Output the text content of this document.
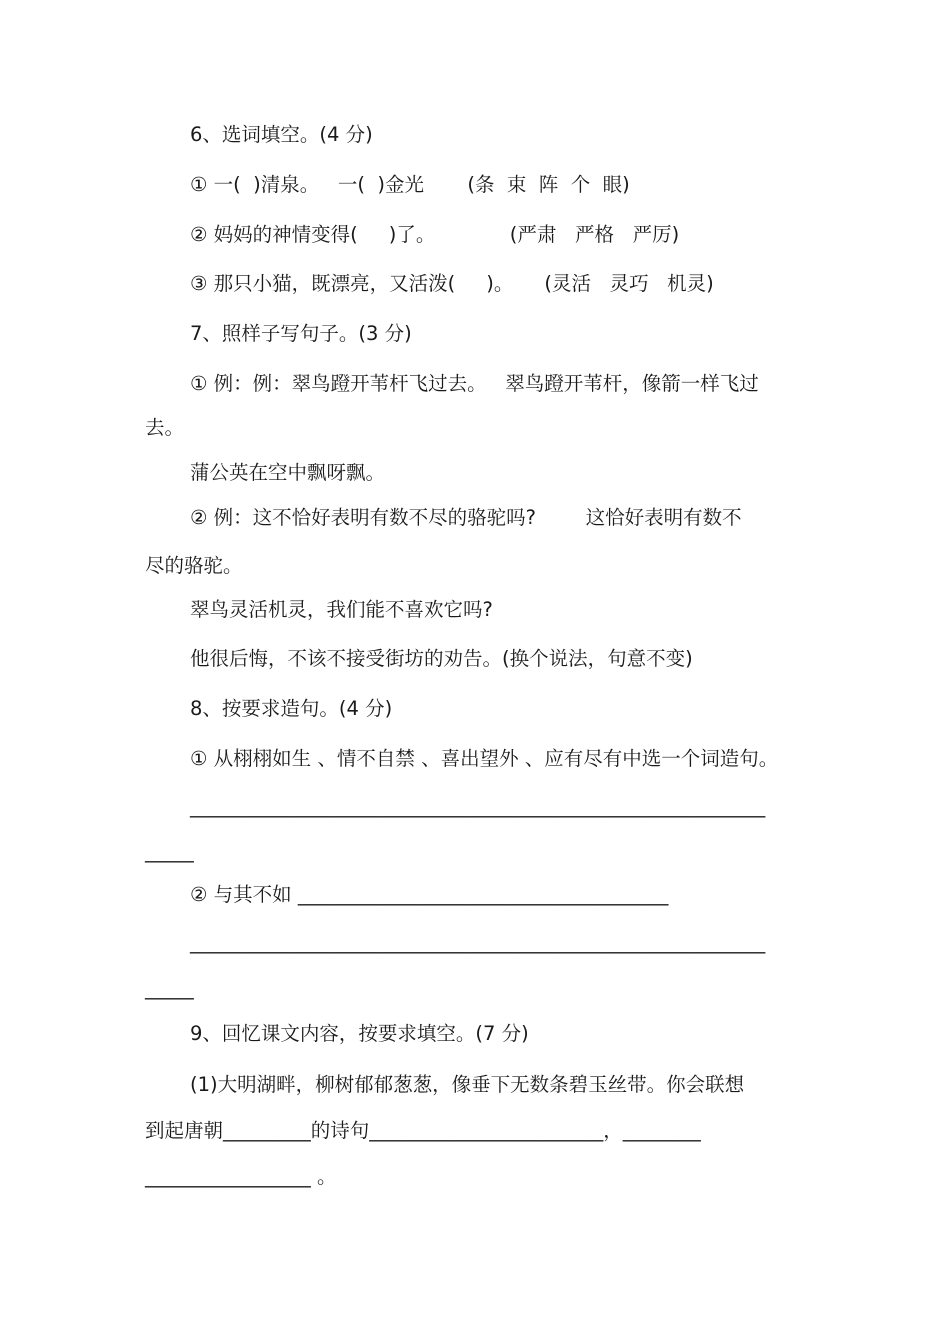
6、选词填空。(4 分)
① 一(  )清泉。   一(  )金光       (条  束  阵  个  眼)
② 妈妈的神情变得(     )了。            (严肃   严格   严厉)
③ 那只小猫，既漂亮，又活泼(     )。     (灵活   灵巧   机灵)
7、照样子写句子。(3 分)
① 例：例：翠鸟蹬开苇杆飞过去。   翠鸟蹬开苇杆，像箭一样飞过
去。
蒲公英在空中飘呀飘。
② 例：这不恰好表明有数不尽的骆驼吗?        这恰好表明有数不
尽的骆驼。
翠鸟灵活机灵，我们能不喜欢它吗?
他很后悔，不该不接受街坊的劝告。(换个说法，句意不变)
8、按要求造句。(4 分)
① 从栩栩如生 、情不自禁 、喜出望外 、应有尽有中选一个词造句。
___________________________________________________________
_____
② 与其不如 ______________________________________
___________________________________________________________
_____
9、回忆课文内容，按要求填空。(7 分)
(1)大明湖畔，柳树郁郁葱葱，像垂下无数条碧玉丝带。你会联想
到起唐朝_________的诗句________________________，________
_________________ 。
